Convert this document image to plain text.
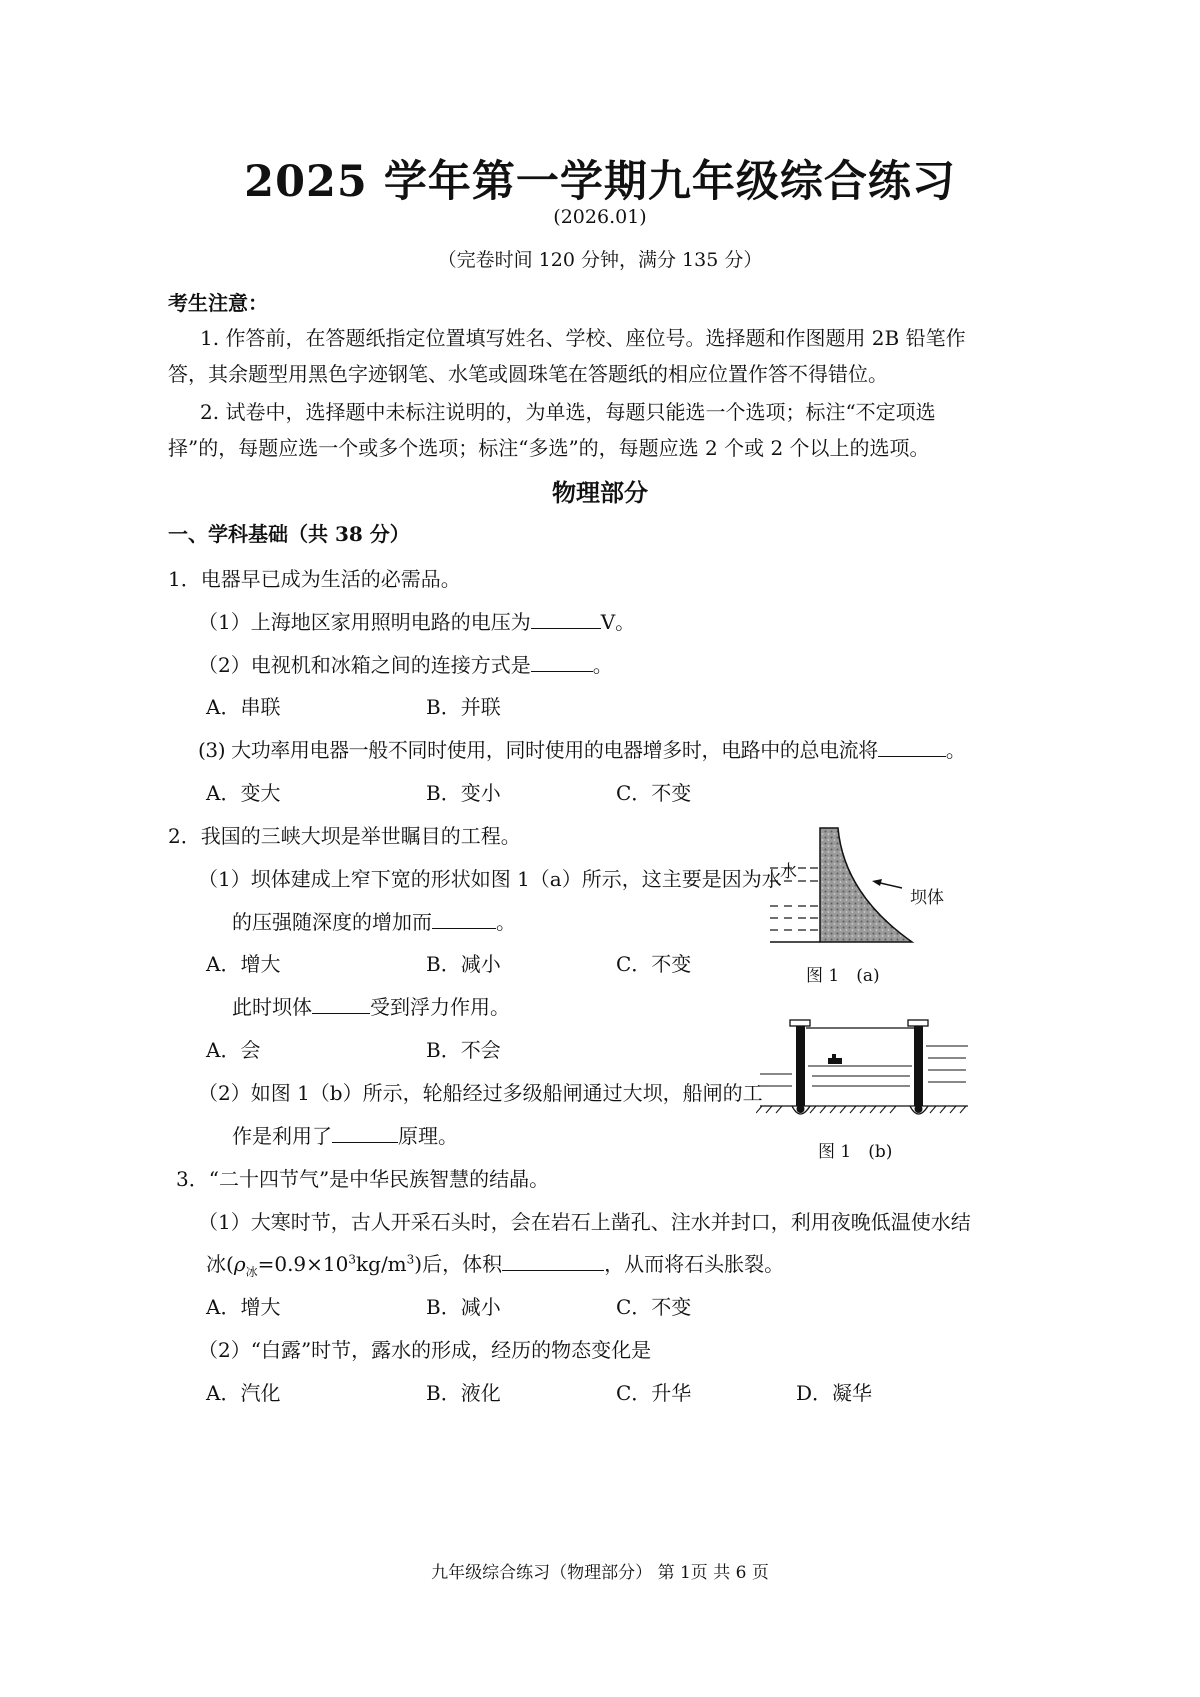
2025 学年第一学期九年级综合练习
(2026.01)
（完卷时间 120 分钟，满分 135 分）
考生注意：
1. 作答前，在答题纸指定位置填写姓名、学校、座位号。选择题和作图题用 2B 铅笔作
答，其余题型用黑色字迹钢笔、水笔或圆珠笔在答题纸的相应位置作答不得错位。
2. 试卷中，选择题中未标注说明的，为单选，每题只能选一个选项；标注“不定项选
择”的，每题应选一个或多个选项；标注“多选”的，每题应选 2 个或 2 个以上的选项。
物理部分
一、学科基础（共 38 分）
1．电器早已成为生活的必需品。
（1）上海地区家用照明电路的电压为	V。
（2）电视机和冰箱之间的连接方式是	。
A．串联	B．并联
(3) 大功率用电器一般不同时使用，同时使用的电器增多时，电路中的总电流将	。
A．变大	B．变小	C．不变
2．我国的三峡大坝是举世瞩目的工程。
（1）坝体建成上窄下宽的形状如图 1（a）所示，这主要是因为水
的压强随深度的增加而	。
A．增大	B．减小	C．不变
此时坝体	受到浮力作用。
A．会	B．不会
（2）如图 1（b）所示，轮船经过多级船闸通过大坝，船闸的工
作是利用了	原理。
水
坝体
图 1　(a)
图 1　(b)
3．“二十四节气”是中华民族智慧的结晶。
（1）大寒时节，古人开采石头时，会在岩石上凿孔、注水并封口，利用夜晚低温使水结
冰$(\rho_冰=0.9\times 10^3kg/m^3)$后，体积	，从而将石头胀裂。
A．增大	B．减小	C．不变
（2）“白露”时节，露水的形成，经历的物态变化是
A．汽化	B．液化	C．升华	D．凝华
九年级综合练习（物理部分） 第 1页 共 6 页
